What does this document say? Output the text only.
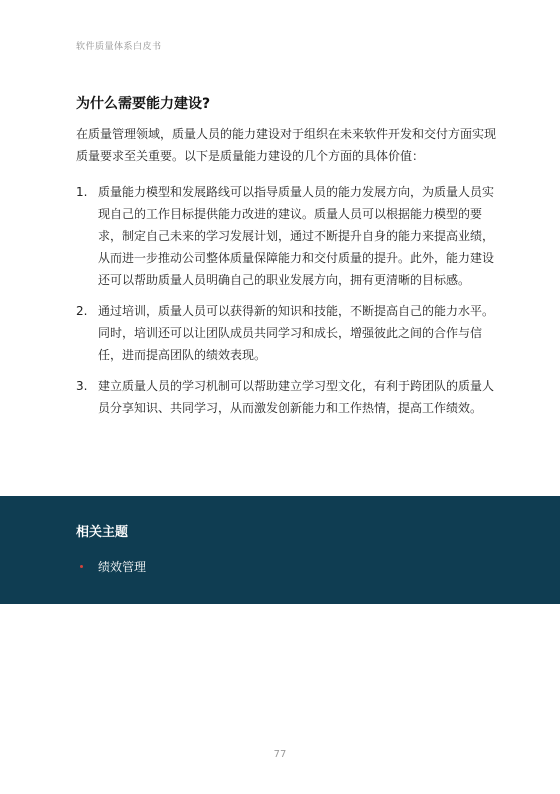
软件质量体系白皮书
为什么需要能力建设?

在质量管理领域，质量人员的能力建设对于组织在未来软件开发和交付方面实现质量要求至关重要。以下是质量能力建设的几个方面的具体价值：

1. 质量能力模型和发展路线可以指导质量人员的能力发展方向，为质量人员实现自己的工作目标提供能力改进的建议。质量人员可以根据能力模型的要求，制定自己未来的学习发展计划，通过不断提升自身的能力来提高业绩，从而进一步推动公司整体质量保障能力和交付质量的提升。此外，能力建设还可以帮助质量人员明确自己的职业发展方向，拥有更清晰的目标感。
2. 通过培训，质量人员可以获得新的知识和技能，不断提高自己的能力水平。同时，培训还可以让团队成员共同学习和成长，增强彼此之间的合作与信任，进而提高团队的绩效表现。
3. 建立质量人员的学习机制可以帮助建立学习型文化，有利于跨团队的质量人员分享知识、共同学习，从而激发创新能力和工作热情，提高工作绩效。
相关主题
绩效管理
77
